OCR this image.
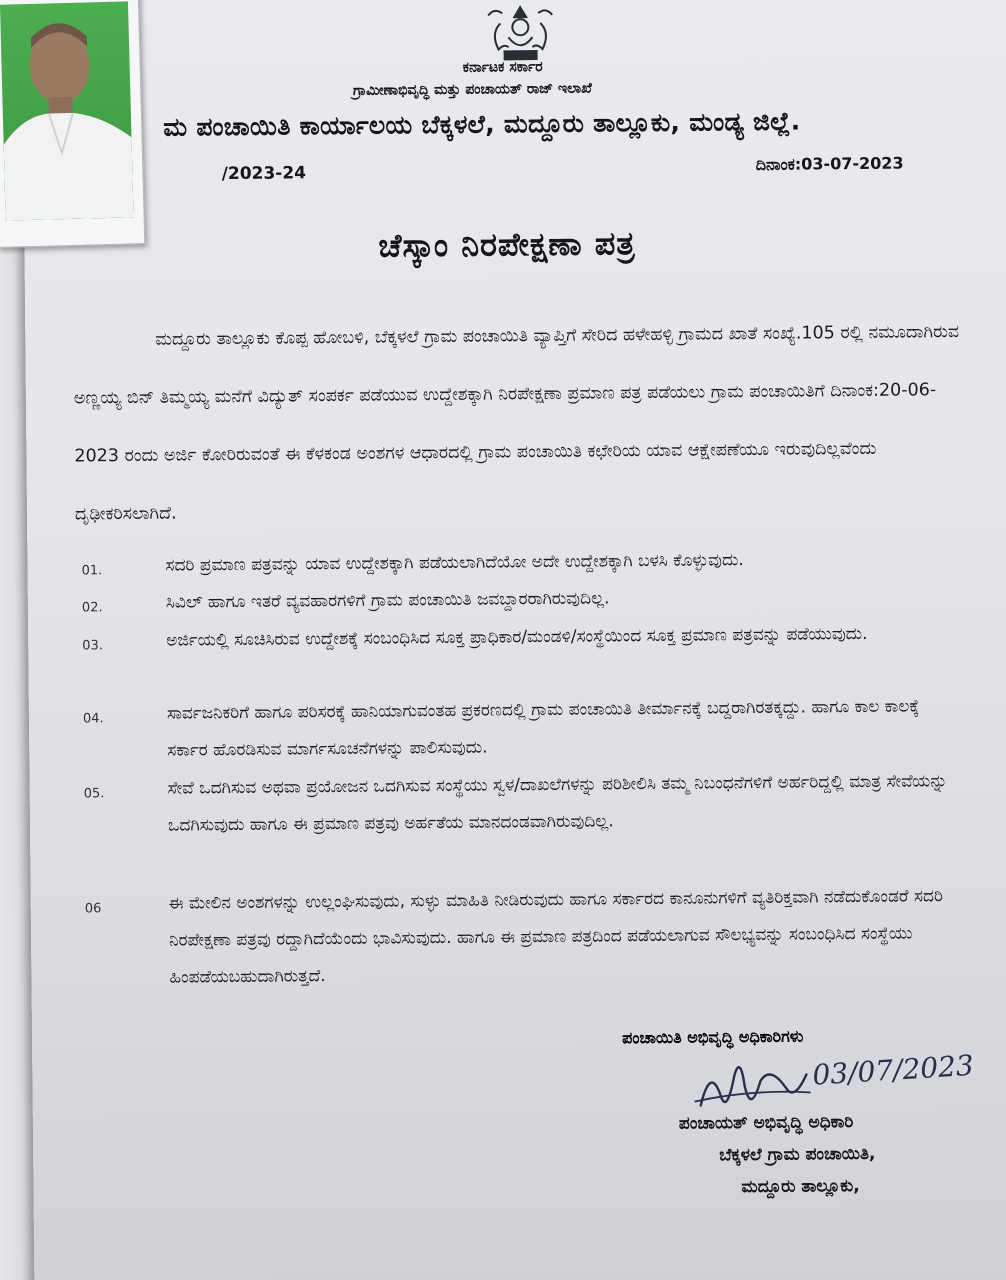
ಕರ್ನಾಟಕ ಸರ್ಕಾರ
ಗ್ರಾಮೀಣಾಭಿವೃದ್ಧಿ ಮತ್ತು ಪಂಚಾಯತ್ ರಾಜ್ ಇಲಾಖೆ
ಮ ಪಂಚಾಯಿತಿ ಕಾರ್ಯಾಲಯ ಬೆಕ್ಕಳಲೆ, ಮದ್ದೂರು ತಾಲ್ಲೂಕು, ಮಂಡ್ಯ ಜಿಲ್ಲೆ.
/2023-24	ದಿನಾಂಕ:03-07-2023
ಚೆಸ್ಕಾಂ ನಿರಪೇಕ್ಷಣಾ ಪತ್ರ
ಮದ್ದೂರು ತಾಲ್ಲೂಕು ಕೊಪ್ಪ ಹೋಬಳಿ, ಬೆಕ್ಕಳಲೆ ಗ್ರಾಮ ಪಂಚಾಯಿತಿ ವ್ಯಾಪ್ತಿಗೆ ಸೇರಿದ ಹಳೇಹಳ್ಳಿ ಗ್ರಾಮದ ಖಾತೆ ಸಂಖ್ಯೆ.105 ರಲ್ಲಿ ನಮೂದಾಗಿರುವ ಅಣ್ಣಯ್ಯ ಬಿನ್ ತಿಮ್ಮಯ್ಯ ಮನೆಗೆ ವಿದ್ಯುತ್ ಸಂಪರ್ಕ ಪಡೆಯುವ ಉದ್ದೇಶಕ್ಕಾಗಿ ನಿರಪೇಕ್ಷಣಾ ಪ್ರಮಾಣ ಪತ್ರ ಪಡೆಯಲು ಗ್ರಾಮ ಪಂಚಾಯಿತಿಗೆ ದಿನಾಂಕ:20-06-2023 ರಂದು ಅರ್ಜಿ ಕೋರಿರುವಂತೆ ಈ ಕೆಳಕಂಡ ಅಂಶಗಳ ಆಧಾರದಲ್ಲಿ ಗ್ರಾಮ ಪಂಚಾಯಿತಿ ಕಛೇರಿಯ ಯಾವ ಆಕ್ಷೇಪಣೆಯೂ ಇರುವುದಿಲ್ಲವೆಂದು ದೃಢೀಕರಿಸಲಾಗಿದೆ.
01.	ಸದರಿ ಪ್ರಮಾಣ ಪತ್ರವನ್ನು ಯಾವ ಉದ್ದೇಶಕ್ಕಾಗಿ ಪಡೆಯಲಾಗಿದೆಯೋ ಅದೇ ಉದ್ದೇಶಕ್ಕಾಗಿ ಬಳಸಿ ಕೊಳ್ಳುವುದು.
02.	ಸಿವಿಲ್ ಹಾಗೂ ಇತರೆ ವ್ಯವಹಾರಗಳಿಗೆ ಗ್ರಾಮ ಪಂಚಾಯಿತಿ ಜವಬ್ದಾರರಾಗಿರುವುದಿಲ್ಲ.
03.	ಅರ್ಜಿಯಲ್ಲಿ ಸೂಚಿಸಿರುವ ಉದ್ದೇಶಕ್ಕೆ ಸಂಬಂಧಿಸಿದ ಸೂಕ್ತ ಪ್ರಾಧಿಕಾರ/ಮಂಡಳಿ/ಸಂಸ್ಥೆಯಿಂದ ಸೂಕ್ತ ಪ್ರಮಾಣ ಪತ್ರವನ್ನು ಪಡೆಯುವುದು.
04.	ಸಾರ್ವಜನಿಕರಿಗೆ ಹಾಗೂ ಪರಿಸರಕ್ಕೆ ಹಾನಿಯಾಗುವಂತಹ ಪ್ರಕರಣದಲ್ಲಿ ಗ್ರಾಮ ಪಂಚಾಯಿತಿ ತೀರ್ಮಾನಕ್ಕೆ ಬದ್ದರಾಗಿರತಕ್ಕದ್ದು. ಹಾಗೂ ಕಾಲ ಕಾಲಕ್ಕೆ ಸರ್ಕಾರ ಹೊರಡಿಸುವ ಮಾರ್ಗಸೂಚನೆಗಳನ್ನು ಪಾಲಿಸುವುದು.
05.	ಸೇವೆ ಒದಗಿಸುವ ಅಥವಾ ಪ್ರಯೋಜನ ಒದಗಿಸುವ ಸಂಸ್ಥೆಯು ಸ್ವಳ/ದಾಖಲೆಗಳನ್ನು ಪರಿಶೀಲಿಸಿ ತಮ್ಮ ನಿಬಂಧನೆಗಳಿಗೆ ಅರ್ಹರಿದ್ದಲ್ಲಿ ಮಾತ್ರ ಸೇವೆಯನ್ನು ಒದಗಿಸುವುದು ಹಾಗೂ ಈ ಪ್ರಮಾಣ ಪತ್ರವು ಅರ್ಹತೆಯ ಮಾನದಂಡವಾಗಿರುವುದಿಲ್ಲ.
06	ಈ ಮೇಲಿನ ಅಂಶಗಳನ್ನು ಉಲ್ಲಂಘಿಸುವುದು, ಸುಳ್ಳು ಮಾಹಿತಿ ನೀಡಿರುವುದು ಹಾಗೂ ಸರ್ಕಾರದ ಕಾನೂನುಗಳಿಗೆ ವ್ಯತಿರಿಕ್ತವಾಗಿ ನಡೆದುಕೊಂಡರೆ ಸದರಿ ನಿರಪೇಕ್ಷಣಾ ಪತ್ರವು ರದ್ದಾಗಿದೆಯೆಂದು ಭಾವಿಸುವುದು. ಹಾಗೂ ಈ ಪ್ರಮಾಣ ಪತ್ರದಿಂದ ಪಡೆಯಲಾಗುವ ಸೌಲಭ್ಯವನ್ನು ಸಂಬಂಧಿಸಿದ ಸಂಸ್ಥೆಯು ಹಿಂಪಡೆಯಬಹುದಾಗಿರುತ್ತದೆ.
ಪಂಚಾಯಿತಿ ಅಭಿವೃದ್ಧಿ ಅಧಿಕಾರಿಗಳು
03/07/2023
ಪಂಚಾಯತ್ ಅಭಿವೃದ್ಧಿ ಅಧಿಕಾರಿ
ಬೆಕ್ಕಳಲೆ ಗ್ರಾಮ ಪಂಚಾಯಿತಿ,
ಮದ್ದೂರು ತಾಲ್ಲೂಕು,
